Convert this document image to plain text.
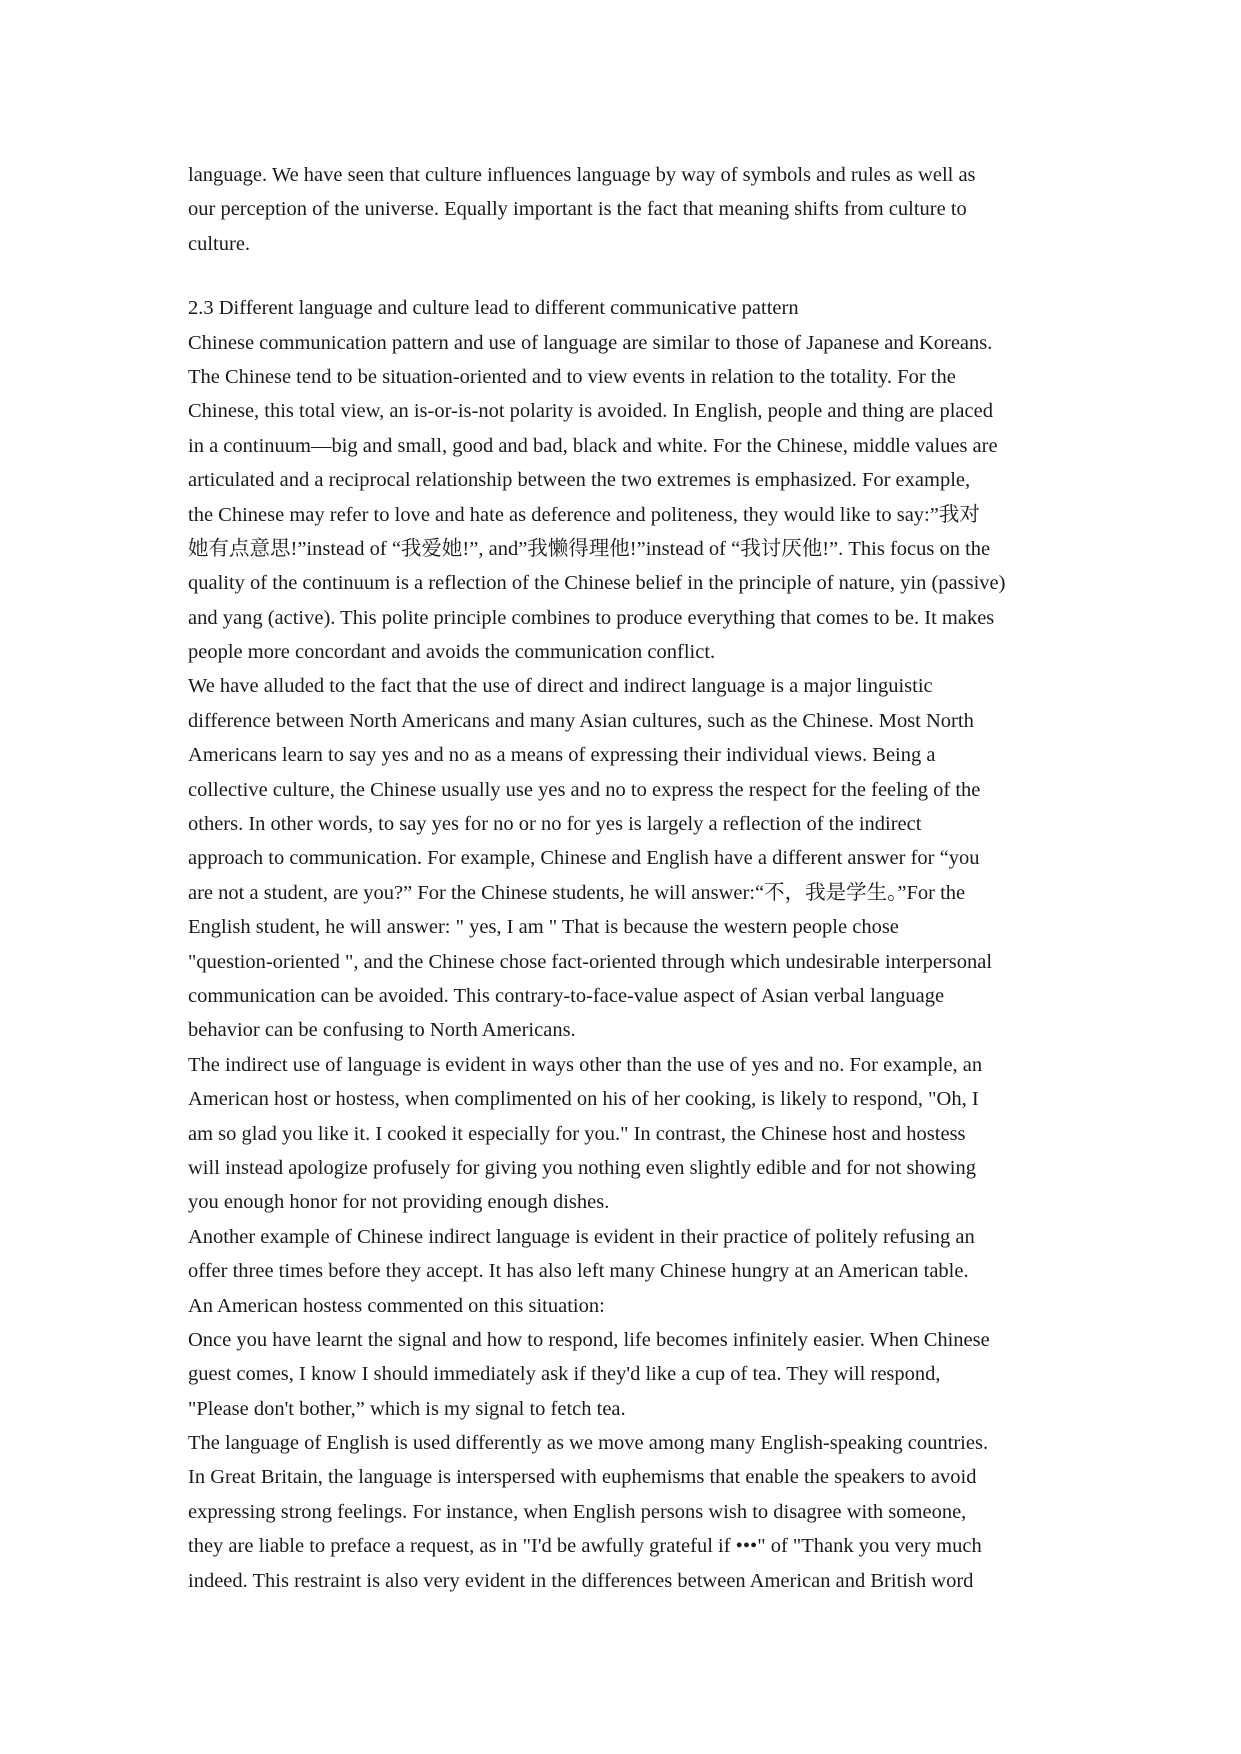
language. We have seen that culture influences language by way of symbols and rules as well as
our perception of the universe. Equally important is the fact that meaning shifts from culture to
culture.
2.3 Different language and culture lead to different communicative pattern
Chinese communication pattern and use of language are similar to those of Japanese and Koreans.
The Chinese tend to be situation-oriented and to view events in relation to the totality. For the
Chinese, this total view, an is-or-is-not polarity is avoided. In English, people and thing are placed
in a continuum—big and small, good and bad, black and white. For the Chinese, middle values are
articulated and a reciprocal relationship between the two extremes is emphasized. For example,
the Chinese may refer to love and hate as deference and politeness, they would like to say:”我对
她有点意思!”instead of “我爱她!”, and”我懒得理他!”instead of “我讨厌他!”. This focus on the
quality of the continuum is a reflection of the Chinese belief in the principle of nature, yin (passive)
and yang (active). This polite principle combines to produce everything that comes to be. It makes
people more concordant and avoids the communication conflict.
We have alluded to the fact that the use of direct and indirect language is a major linguistic
difference between North Americans and many Asian cultures, such as the Chinese. Most North
Americans learn to say yes and no as a means of expressing their individual views. Being a
collective culture, the Chinese usually use yes and no to express the respect for the feeling of the
others. In other words, to say yes for no or no for yes is largely a reflection of the indirect
approach to communication. For example, Chinese and English have a different answer for “you
are not a student, are you?” For the Chinese students, he will answer:“不，我是学生。”For the
English student, he will answer: " yes, I am " That is because the western people chose
"question-oriented ", and the Chinese chose fact-oriented through which undesirable interpersonal
communication can be avoided. This contrary-to-face-value aspect of Asian verbal language
behavior can be confusing to North Americans.
The indirect use of language is evident in ways other than the use of yes and no. For example, an
American host or hostess, when complimented on his of her cooking, is likely to respond, "Oh, I
am so glad you like it. I cooked it especially for you." In contrast, the Chinese host and hostess
will instead apologize profusely for giving you nothing even slightly edible and for not showing
you enough honor for not providing enough dishes.
Another example of Chinese indirect language is evident in their practice of politely refusing an
offer three times before they accept. It has also left many Chinese hungry at an American table.
An American hostess commented on this situation:
Once you have learnt the signal and how to respond, life becomes infinitely easier. When Chinese
guest comes, I know I should immediately ask if they'd like a cup of tea. They will respond,
"Please don't bother,” which is my signal to fetch tea.
The language of English is used differently as we move among many English-speaking countries.
In Great Britain, the language is interspersed with euphemisms that enable the speakers to avoid
expressing strong feelings. For instance, when English persons wish to disagree with someone,
they are liable to preface a request, as in "I'd be awfully grateful if •••" of "Thank you very much
indeed. This restraint is also very evident in the differences between American and British word
